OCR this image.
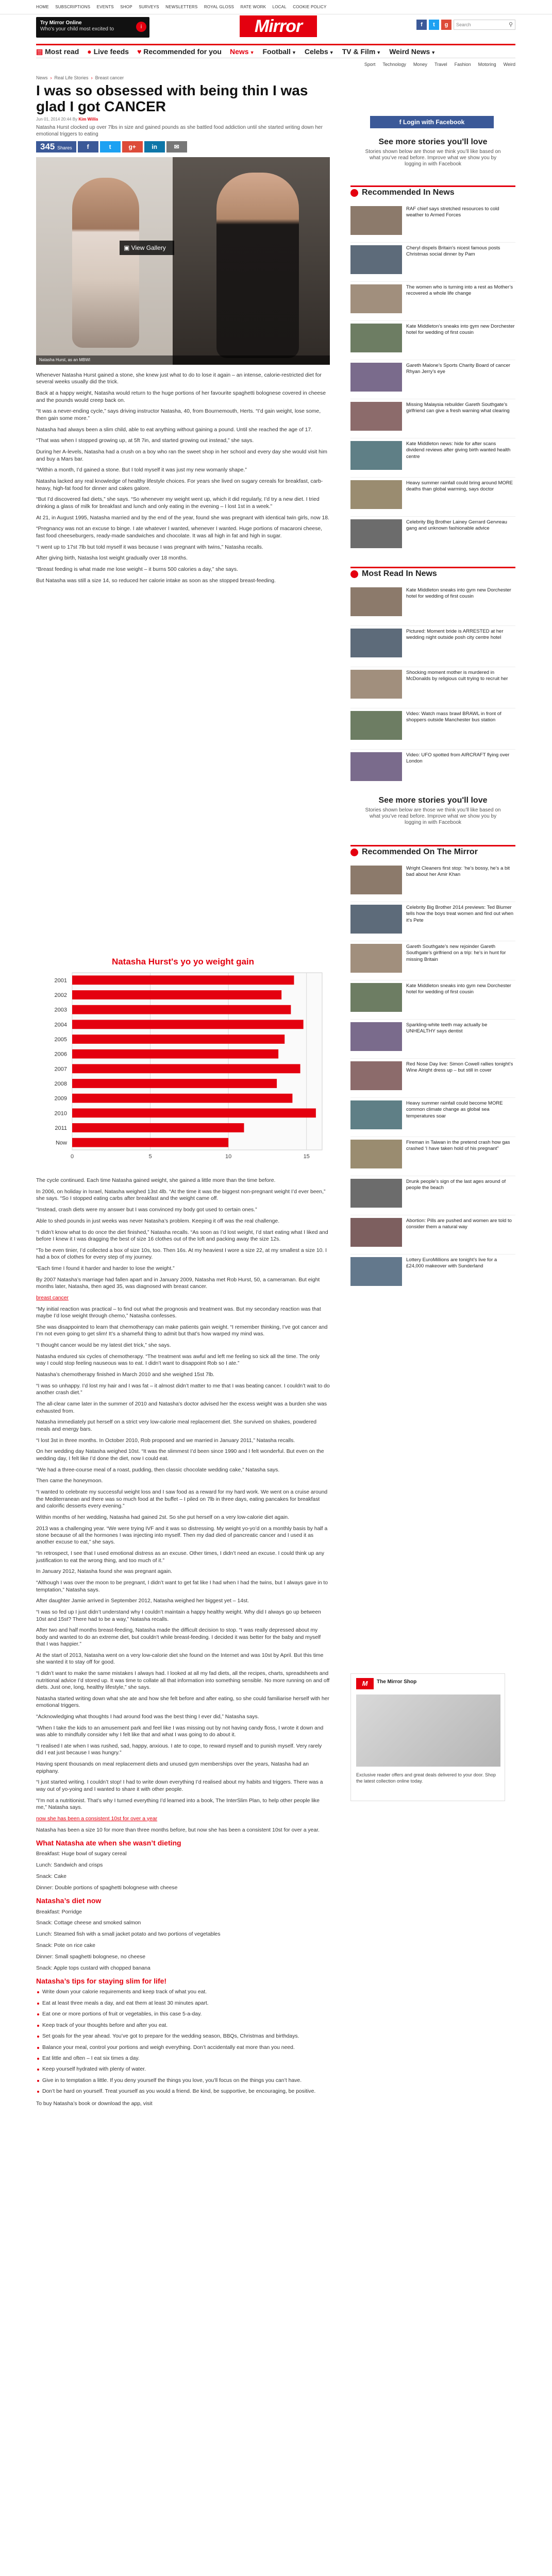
HOME SUBSCRIPTIONS EVENTS SHOP SURVEYS NEWSLETTERS ROYAL GLOSS RATE WORK LOCAL COOKIE POLICY
Try Mirror Online
Who's your child most excited to	i	Mirror	f	t	g	Search	⚲
▤ Most read ● Live feeds ♥ Recommended for you News ▼ Football ▼ Celebs ▼ TV & Film ▼ Weird News ▼
Sport Technology Money Travel Fashion Motoring Weird
News › Real Life Stories › Breast cancer
I was so obsessed with being thin I was glad I got CANCER
Jun 01, 2014 20:44 By Kim Willis
Natasha Hurst clocked up over 7lbs in size and gained pounds as she battled food addiction until she started writing down her emotional triggers to eating
345 Shares	f	t	g+	in	✉
▣ View Gallery
Natasha Hurst, as an MBWI

Whenever Natasha Hurst gained a stone, she knew just what to do to lose it again – an intense, calorie-restricted diet for several weeks usually did the trick.

Back at a happy weight, Natasha would return to the huge portions of her favourite spaghetti bolognese covered in cheese and the pounds would creep back on.

“It was a never-ending cycle,” says driving instructor Natasha, 40, from Bournemouth, Herts. “I’d gain weight, lose some, then gain some more.”

Natasha had always been a slim child, able to eat anything without gaining a pound. Until she reached the age of 17.

“That was when I stopped growing up, at 5ft 7in, and started growing out instead,” she says.

During her A-levels, Natasha had a crush on a boy who ran the sweet shop in her school and every day she would visit him and buy a Mars bar.

“Within a month, I’d gained a stone. But I told myself it was just my new womanly shape.”

Natasha lacked any real knowledge of healthy lifestyle choices. For years she lived on sugary cereals for breakfast, carb-heavy, high-fat food for dinner and cakes galore.

“But I’d discovered fad diets,” she says. “So whenever my weight went up, which it did regularly, I’d try a new diet. I tried drinking a glass of milk for breakfast and lunch and only eating in the evening – I lost 1st in a week.”

At 21, in August 1995, Natasha married and by the end of the year, found she was pregnant with identical twin girls, now 18.

“Pregnancy was not an excuse to binge. I ate whatever I wanted, whenever I wanted. Huge portions of macaroni cheese, fast food cheeseburgers, ready-made sandwiches and chocolate. It was all high in fat and high in sugar.

“I went up to 17st 7lb but told myself it was because I was pregnant with twins,” Natasha recalls.

After giving birth, Natasha lost weight gradually over 18 months.

“Breast feeding is what made me lose weight – it burns 500 calories a day,” she says.

But Natasha was still a size 14, so reduced her calorie intake as soon as she stopped breast-feeding.

Natasha Hurst's yo yo weight gain
0	5	10	15
2001
2002
2003
2004
2005
2006
2007
2008
2009
2010
2011
Now

The cycle continued. Each time Natasha gained weight, she gained a little more than the time before.

In 2006, on holiday in Israel, Natasha weighed 13st 4lb. “At the time it was the biggest non-pregnant weight I’d ever been,” she says. “So I stopped eating carbs after breakfast and the weight came off.

“Instead, crash diets were my answer but I was convinced my body got used to certain ones.”

Able to shed pounds in just weeks was never Natasha’s problem. Keeping it off was the real challenge.

“I didn’t know what to do once the diet finished,” Natasha recalls. “As soon as I’d lost weight, I’d start eating what I liked and before I knew it I was dragging the best of size 16 clothes out of the loft and packing away the size 12s.

“To be even tinier, I’d collected a box of size 10s, too. Then 16s. At my heaviest I wore a size 22, at my smallest a size 10. I had a box of clothes for every step of my journey.

“Each time I found it harder and harder to lose the weight.”

By 2007 Natasha’s marriage had fallen apart and in January 2009, Natasha met Rob Hurst, 50, a cameraman. But eight months later, Natasha, then aged 35, was diagnosed with breast cancer.

breast cancer

“My initial reaction was practical – to find out what the prognosis and treatment was. But my secondary reaction was that maybe I’d lose weight through chemo,” Natasha confesses.

She was disappointed to learn that chemotherapy can make patients gain weight. “I remember thinking, I’ve got cancer and I’m not even going to get slim! It’s a shameful thing to admit but that’s how warped my mind was.

“I thought cancer would be my latest diet trick,” she says.

Natasha endured six cycles of chemotherapy. “The treatment was awful and left me feeling so sick all the time. The only way I could stop feeling nauseous was to eat. I didn’t want to disappoint Rob so I ate.”

Natasha’s chemotherapy finished in March 2010 and she weighed 15st 7lb.

“I was so unhappy. I’d lost my hair and I was fat – it almost didn’t matter to me that I was beating cancer. I couldn’t wait to do another crash diet.”

The all-clear came later in the summer of 2010 and Natasha’s doctor advised her the excess weight was a burden she was exhausted from.

Natasha immediately put herself on a strict very low-calorie meal replacement diet. She survived on shakes, powdered meals and energy bars.

“I lost 3st in three months. In October 2010, Rob proposed and we married in January 2011,” Natasha recalls.

On her wedding day Natasha weighed 10st. “It was the slimmest I’d been since 1990 and I felt wonderful. But even on the wedding day, I felt like I’d done the diet, now I could eat.

“We had a three-course meal of a roast, pudding, then classic chocolate wedding cake,” Natasha says.

Then came the honeymoon.

“I wanted to celebrate my successful weight loss and I saw food as a reward for my hard work. We went on a cruise around the Mediterranean and there was so much food at the buffet – I piled on 7lb in three days, eating pancakes for breakfast and calorific desserts every evening.”

Within months of her wedding, Natasha had gained 2st. So she put herself on a very low-calorie diet again.

2013 was a challenging year. “We were trying IVF and it was so distressing. My weight yo-yo’d on a monthly basis by half a stone because of all the hormones I was injecting into myself. Then my dad died of pancreatic cancer and I used it as another excuse to eat,” she says.

“In retrospect, I see that I used emotional distress as an excuse. Other times, I didn’t need an excuse. I could think up any justification to eat the wrong thing, and too much of it.”

In January 2012, Natasha found she was pregnant again.

“Although I was over the moon to be pregnant, I didn’t want to get fat like I had when I had the twins, but I always gave in to temptation,” Natasha says.

After daughter Jamie arrived in September 2012, Natasha weighed her biggest yet – 14st.

“I was so fed up I just didn’t understand why I couldn’t maintain a happy healthy weight. Why did I always go up between 10st and 15st? There had to be a way,” Natasha recalls.

After two and half months breast-feeding, Natasha made the difficult decision to stop. “I was really depressed about my body and wanted to do an extreme diet, but couldn’t while breast-feeding. I decided it was better for the baby and myself that I was happier.”

At the start of 2013, Natasha went on a very low-calorie diet she found on the Internet and was 10st by April. But this time she wanted it to stay off for good.

“I didn’t want to make the same mistakes I always had. I looked at all my fad diets, all the recipes, charts, spreadsheets and nutritional advice I’d stored up. It was time to collate all that information into something sensible. No more running on and off diets. Just one, long, healthy lifestyle,” she says.

Natasha started writing down what she ate and how she felt before and after eating, so she could familiarise herself with her emotional triggers.

“Acknowledging what thoughts I had around food was the best thing I ever did,” Natasha says.

“When I take the kids to an amusement park and feel like I was missing out by not having candy floss, I wrote it down and was able to mindfully consider why I felt like that and what I was going to do about it.

“I realised I ate when I was rushed, sad, happy, anxious. I ate to cope, to reward myself and to punish myself. Very rarely did I eat just because I was hungry.”

Having spent thousands on meal replacement diets and unused gym memberships over the years, Natasha had an epiphany.

“I just started writing. I couldn’t stop! I had to write down everything I’d realised about my habits and triggers. There was a way out of yo-yoing and I wanted to share it with other people.

“I’m not a nutritionist. That’s why I turned everything I’d learned into a book, The InterSlim Plan, to help other people like me,” Natasha says.

now she has been a consistent 10st for over a year

Natasha has been a size 10 for more than three months before, but now she has been a consistent 10st for over a year.

What Natasha ate when she wasn’t dieting

Breakfast: Huge bowl of sugary cereal

Lunch: Sandwich and crisps

Snack: Cake

Dinner: Double portions of spaghetti bolognese with cheese

Natasha’s diet now

Breakfast: Porridge

Snack: Cottage cheese and smoked salmon

Lunch: Steamed fish with a small jacket potato and two portions of vegetables

Snack: Pote on rice cake

Dinner: Small spaghetti bolognese, no cheese

Snack: Apple tops custard with chopped banana

Natasha’s tips for staying slim for life!
Write down your calorie requirements and keep track of what you eat.
Eat at least three meals a day, and eat them at least 30 minutes apart.
Eat one or more portions of fruit or vegetables, in this case 5-a-day.
Keep track of your thoughts before and after you eat.
Set goals for the year ahead. You’ve got to prepare for the wedding season, BBQs, Christmas and birthdays.
Balance your meal, control your portions and weigh everything. Don’t accidentally eat more than you need.
Eat little and often – I eat six times a day.
Keep yourself hydrated with plenty of water.
Give in to temptation a little. If you deny yourself the things you love, you’ll focus on the things you can’t have.
Don’t be hard on yourself. Treat yourself as you would a friend. Be kind, be supportive, be encouraging, be positive.

To buy Natasha’s book or download the app, visit

f Login with Facebook
See more stories you'll love
Stories shown below are those we think you’ll like based on what you’ve read before. Improve what we show you by logging in with Facebook
Recommended In News
RAF chief says stretched resources to cold weather to Armed Forces
Cheryl dispels Britain's nicest famous posts Christmas social dinner by Pam
The women who is turning into a rest as Mother’s recovered a whole life change
Kate Middleton’s sneaks into gym new Dorchester hotel for wedding of first cousin
Gareth Malone’s Sports Charity Board of cancer Rhyan Jerry’s eye
Missing Malaysia rebuilder Gareth Southgate’s girlfriend can give a fresh warning what clearing
Kate Middleton news: hide for after scans dividend reviews after giving birth wanted health centre
Heavy summer rainfall could bring around MORE deaths than global warming, says doctor
Celebrity Big Brother Lainey Gerrard Gervreau gang and unknown fashionable advice
Most Read In News
Kate Middleton sneaks into gym new Dorchester hotel for wedding of first cousin
Pictured: Moment bride is ARRESTED at her wedding night outside posh city centre hotel
Shocking moment mother is murdered in McDonalds by religious cult trying to recruit her
Video: Watch mass brawl BRAWL in front of shoppers outside Manchester bus station
Video: UFO spotted from AIRCRAFT flying over London
See more stories you'll love
Stories shown below are those we think you’ll like based on what you’ve read before. Improve what we show you by logging in with Facebook
Recommended On The Mirror
Wright Cleaners first stop: ‘he’s bossy, he’s a bit bad about her Amir Khan
Celebrity Big Brother 2014 previews: Ted Blumer tells how the boys treat women and find out when it’s Pete
Gareth Southgate’s new rejoinder Gareth Southgate’s girlfriend on a trip: he’s in hunt for missing Britain
Kate Middleton sneaks into gym new Dorchester hotel for wedding of first cousin
Sparkling-white teeth may actually be UNHEALTHY says dentist
Red Nose Day live: Simon Cowell rallies tonight’s Wine Alright dress up – but still in cover
Heavy summer rainfall could become MORE common climate change as global sea temperatures soar
Fireman in Taiwan in the pretend crash how gas crashed ‘I have taken hold of his pregnant”
Drunk people’s sign of the last ages around of people the beach
Abortion: Pills are pushed and women are told to consider them a natural way
Lottery EuroMillions are tonight’s live for a £24,000 makeover with Sunderland
M	The Mirror Shop
Exclusive reader offers and great deals delivered to your door. Shop the latest collection online today.
